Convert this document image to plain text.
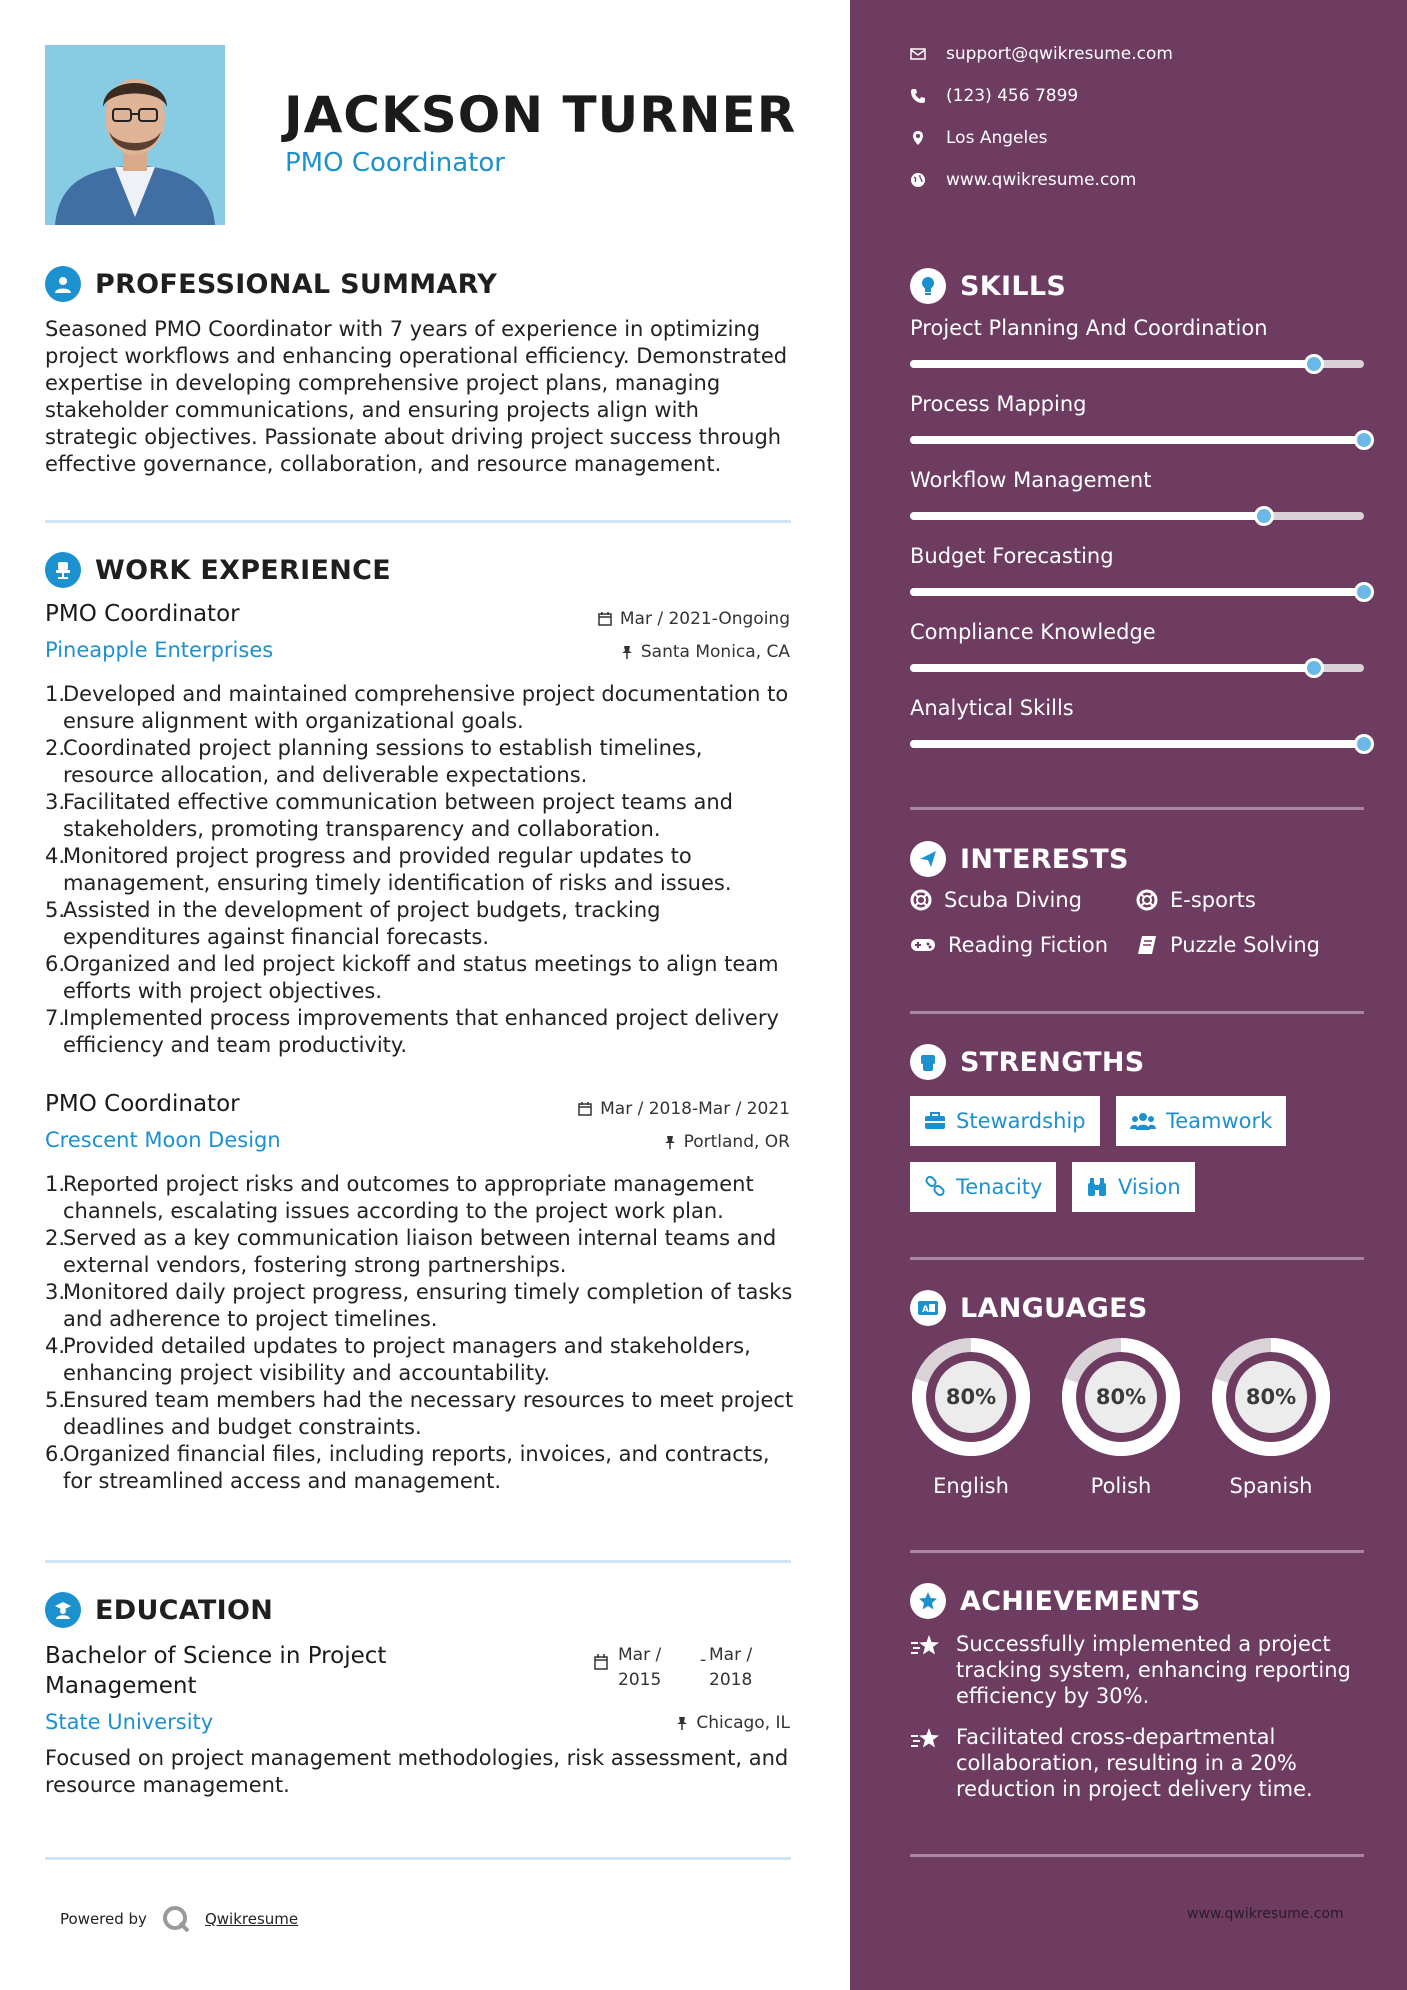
JACKSON TURNER
PMO Coordinator
PROFESSIONAL SUMMARY
Seasoned PMO Coordinator with 7 years of experience in optimizing project workflows and enhancing operational efficiency. Demonstrated expertise in developing comprehensive project plans, managing stakeholder communications, and ensuring projects align with strategic objectives. Passionate about driving project success through effective governance, collaboration, and resource management.
WORK EXPERIENCE
PMO Coordinator	Mar / 2021-Ongoing
Pineapple Enterprises	Santa Monica, CA
1.
Developed and maintained comprehensive project documentation to ensure alignment with organizational goals.
2.
Coordinated project planning sessions to establish timelines, resource allocation, and deliverable expectations.
3.
Facilitated effective communication between project teams and stakeholders, promoting transparency and collaboration.
4.
Monitored project progress and provided regular updates to management, ensuring timely identification of risks and issues.
5.
Assisted in the development of project budgets, tracking expenditures against financial forecasts.
6.
Organized and led project kickoff and status meetings to align team efforts with project objectives.
7.
Implemented process improvements that enhanced project delivery efficiency and team productivity.
PMO Coordinator	Mar / 2018-Mar / 2021
Crescent Moon Design	Portland, OR
1.
Reported project risks and outcomes to appropriate management channels, escalating issues according to the project work plan.
2.
Served as a key communication liaison between internal teams and external vendors, fostering strong partnerships.
3.
Monitored daily project progress, ensuring timely completion of tasks and adherence to project timelines.
4.
Provided detailed updates to project managers and stakeholders, enhancing project visibility and accountability.
5.
Ensured team members had the necessary resources to meet project deadlines and budget constraints.
6.
Organized financial files, including reports, invoices, and contracts, for streamlined access and management.
EDUCATION
Bachelor of Science in Project Management
Mar /
2015
- Mar /
2018
State University	Chicago, IL
Focused on project management methodologies, risk assessment, and resource management.
Powered by	Qwikresume
support@qwikresume.com
(123) 456 7899
Los Angeles
www.qwikresume.com
SKILLS
Project Planning And Coordination
Process Mapping
Workflow Management
Budget Forecasting
Compliance Knowledge
Analytical Skills
INTERESTS
Scuba Diving	E-sports
Reading Fiction	Puzzle Solving
STRENGTHS
Stewardship	Teamwork
Tenacity	Vision
A LANGUAGES
80%
English
80%
Polish
80%
Spanish
ACHIEVEMENTS
Successfully implemented a project tracking system, enhancing reporting efficiency by 30%.
Facilitated cross-departmental collaboration, resulting in a 20% reduction in project delivery time.
www.qwikresume.com
